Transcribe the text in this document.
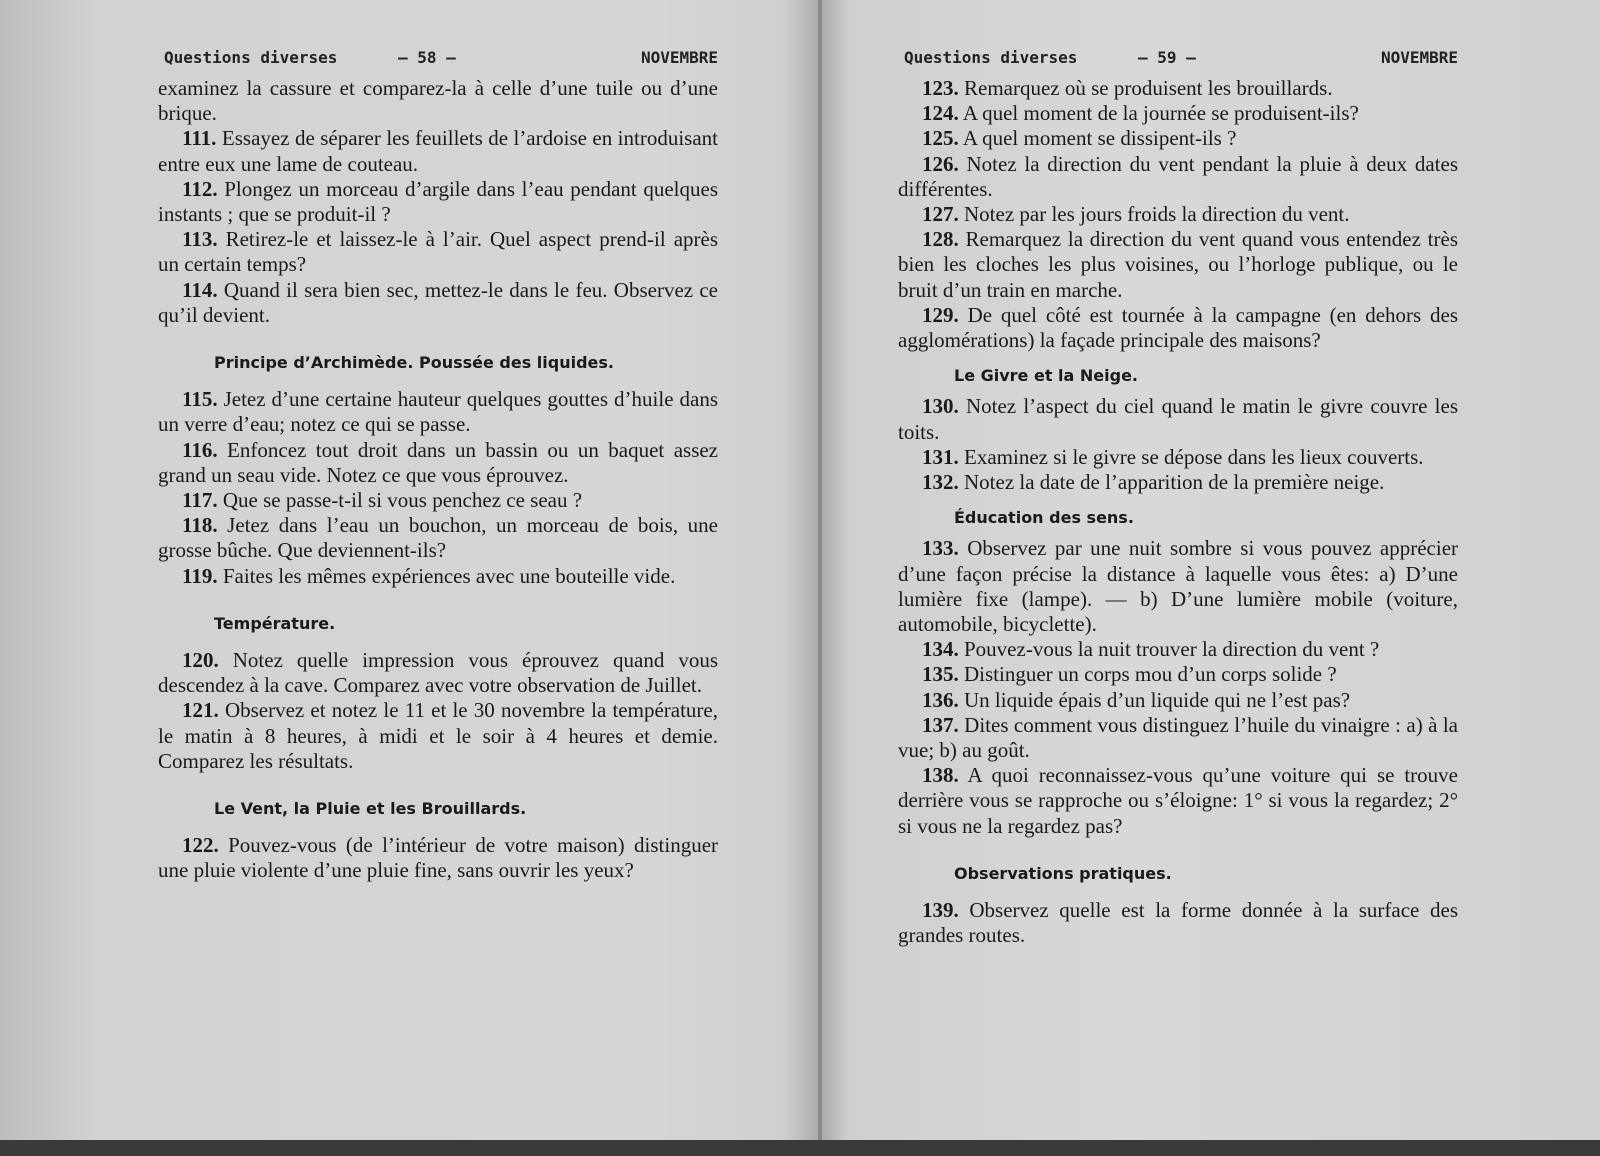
Questions diverses	— 58 —	NOVEMBRE

examinez la cassure et comparez-la à celle d’une tuile ou d’une brique.

111. Essayez de séparer les feuillets de l’ardoise en introduisant entre eux une lame de couteau.

112. Plongez un morceau d’argile dans l’eau pendant quelques instants ; que se produit-il ?

113. Retirez-le et laissez-le à l’air. Quel aspect prend-il après un certain temps?

114. Quand il sera bien sec, mettez-le dans le feu. Observez ce qu’il devient.

Principe d’Archimède. Poussée des liquides.

115. Jetez d’une certaine hauteur quelques gouttes d’huile dans un verre d’eau; notez ce qui se passe.

116. Enfoncez tout droit dans un bassin ou un baquet assez grand un seau vide. Notez ce que vous éprouvez.

117. Que se passe-t-il si vous penchez ce seau ?

118. Jetez dans l’eau un bouchon, un morceau de bois, une grosse bûche. Que deviennent-ils?

119. Faites les mêmes expériences avec une bouteille vide.

Température.

120. Notez quelle impression vous éprouvez quand vous descendez à la cave. Comparez avec votre observation de Juillet.

121. Observez et notez le 11 et le 30 novembre la température, le matin à 8 heures, à midi et le soir à 4 heures et demie. Comparez les résultats.

Le Vent, la Pluie et les Brouillards.

122. Pouvez-vous (de l’intérieur de votre maison) distinguer une pluie violente d’une pluie fine, sans ouvrir les yeux?

Questions diverses	— 59 —	NOVEMBRE

123. Remarquez où se produisent les brouillards.

124. A quel moment de la journée se produisent-ils?

125. A quel moment se dissipent-ils ?

126. Notez la direction du vent pendant la pluie à deux dates différentes.

127. Notez par les jours froids la direction du vent.

128. Remarquez la direction du vent quand vous entendez très bien les cloches les plus voisines, ou l’horloge publique, ou le bruit d’un train en marche.

129. De quel côté est tournée à la campagne (en dehors des agglomérations) la façade principale des maisons?

Le Givre et la Neige.

130. Notez l’aspect du ciel quand le matin le givre couvre les toits.

131. Examinez si le givre se dépose dans les lieux couverts.

132. Notez la date de l’apparition de la première neige.

Éducation des sens.

133. Observez par une nuit sombre si vous pouvez apprécier d’une façon précise la distance à laquelle vous êtes: a) D’une lumière fixe (lampe). — b) D’une lumière mobile (voiture, automobile, bicyclette).

134. Pouvez-vous la nuit trouver la direction du vent ?

135. Distinguer un corps mou d’un corps solide ?

136. Un liquide épais d’un liquide qui ne l’est pas?

137. Dites comment vous distinguez l’huile du vinaigre : a) à la vue; b) au goût.

138. A quoi reconnaissez-vous qu’une voiture qui se trouve derrière vous se rapproche ou s’éloigne: 1° si vous la regardez; 2° si vous ne la regardez pas?

Observations pratiques.

139. Observez quelle est la forme donnée à la surface des grandes routes.
